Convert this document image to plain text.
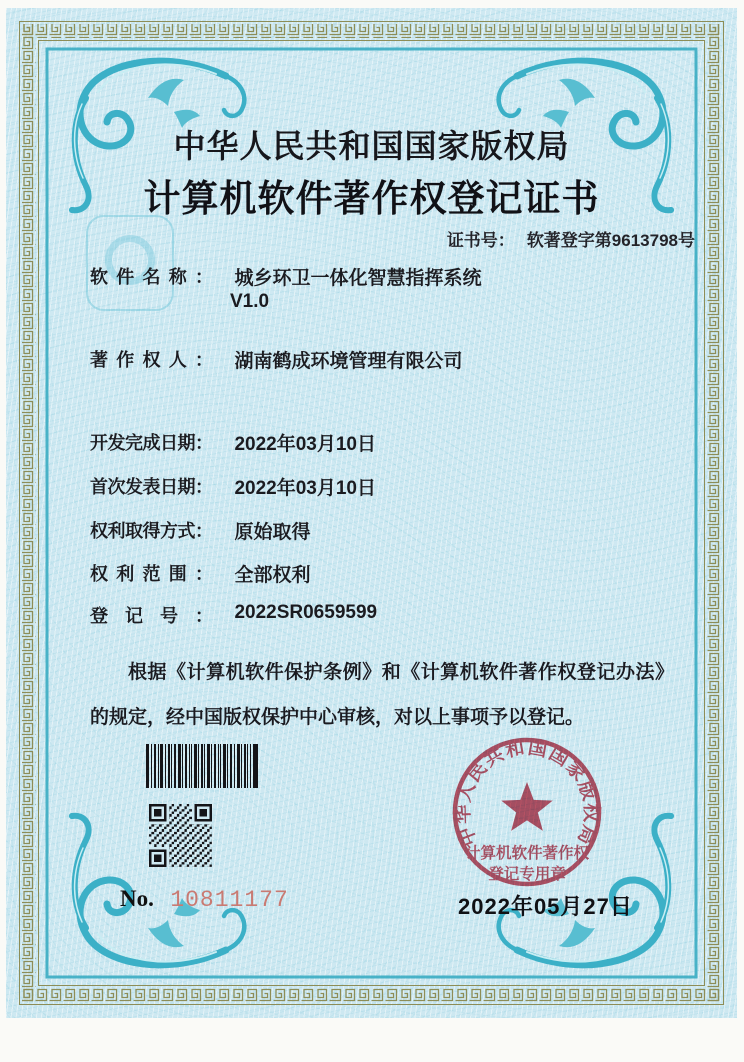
中华人民共和国国家版权局
计算机软件著作权登记证书
证书号： 软著登字第9613798号
软件名称： 城乡环卫一体化智慧指挥系统
V1.0
著作权人： 湖南鹤成环境管理有限公司
开发完成日期： 2022年03月10日
首次发表日期： 2022年03月10日
权利取得方式： 原始取得
权利范围： 全部权利
登记号： 2022SR0659599
根据《计算机软件保护条例》和《计算机软件著作权登记办法》的规定，经中国版权保护中心审核，对以上事项予以登记。
No. 10811177
中华人民共和国国家版权局
计算机软件著作权
登记专用章
2022年05月27日
